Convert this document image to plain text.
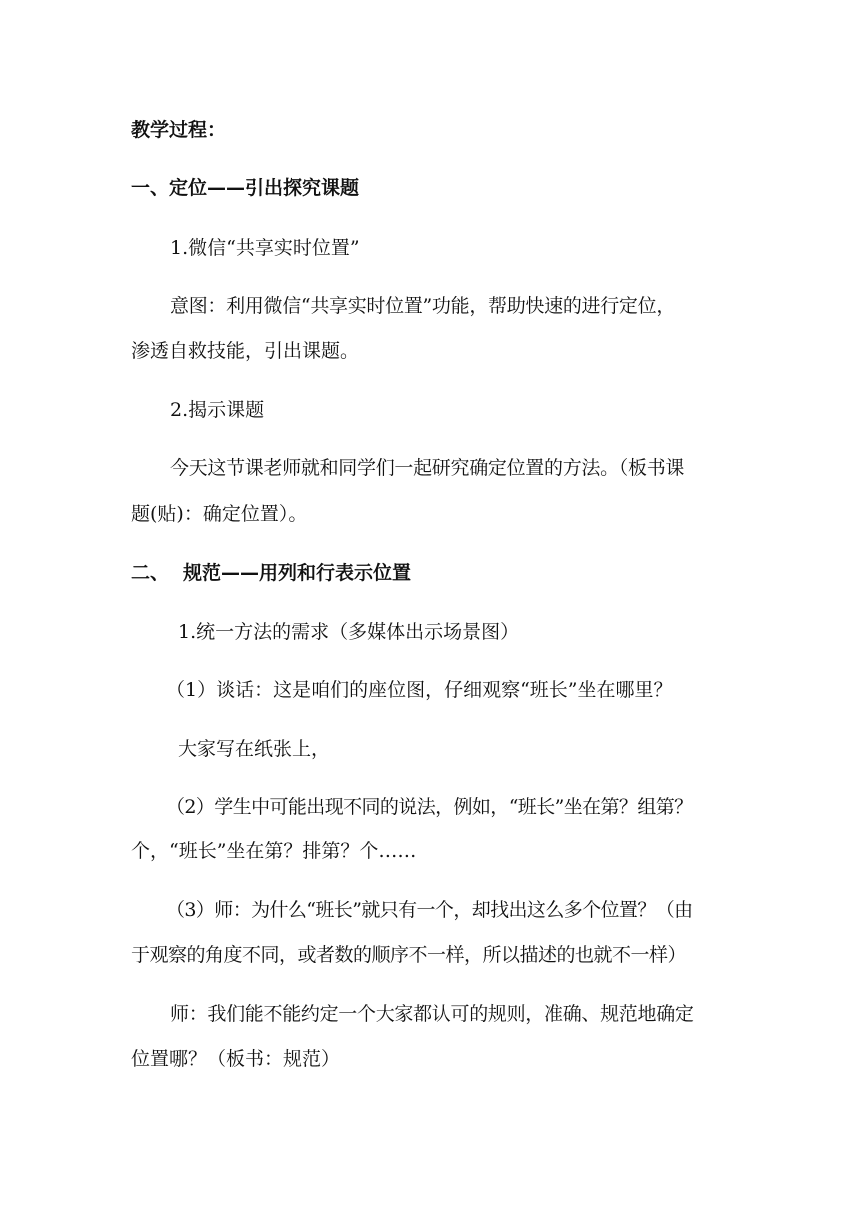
教学过程：
一、定位——引出探究课题
1.微信“共享实时位置”
意图：利用微信“共享实时位置”功能，帮助快速的进行定位，
渗透自救技能，引出课题。
2.揭示课题
今天这节课老师就和同学们一起研究确定位置的方法。（板书课
题(贴)：确定位置）。
二、 规范——用列和行表示位置
1.统一方法的需求（多媒体出示场景图）
（1）谈话：这是咱们的座位图，仔细观察“班长”坐在哪里？
大家写在纸张上，
（2）学生中可能出现不同的说法，例如，“班长”坐在第？组第？
个，“班长”坐在第？排第？个……
（3）师：为什么“班长”就只有一个，却找出这么多个位置？（由
于观察的角度不同，或者数的顺序不一样，所以描述的也就不一样）
师：我们能不能约定一个大家都认可的规则，准确、规范地确定
位置哪？（板书：规范）
